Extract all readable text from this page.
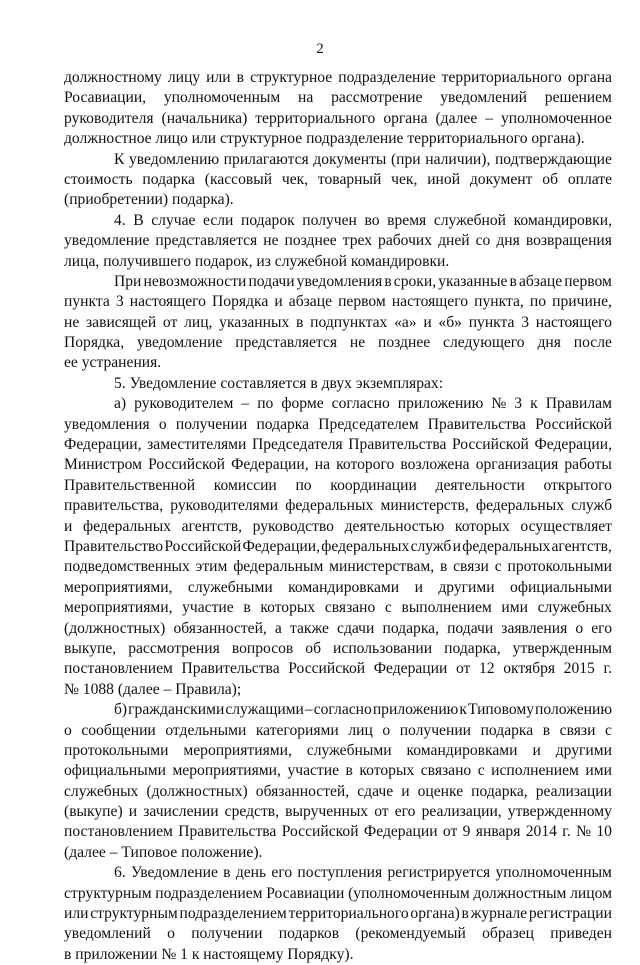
2
должностному лицу или в структурное подразделение территориального органа
Росавиации, уполномоченным на рассмотрение уведомлений решением
руководителя (начальника) территориального органа (далее – уполномоченное
должностное лицо или структурное подразделение территориального органа).
К уведомлению прилагаются документы (при наличии), подтверждающие
стоимость подарка (кассовый чек, товарный чек, иной документ об оплате
(приобретении) подарка).
4. В случае если подарок получен во время служебной командировки,
уведомление представляется не позднее трех рабочих дней со дня возвращения
лица, получившего подарок, из служебной командировки.
При невозможности подачи уведомления в сроки, указанные в абзаце первом
пункта 3 настоящего Порядка и абзаце первом настоящего пункта, по причине,
не зависящей от лиц, указанных в подпунктах «а» и «б» пункта 3 настоящего
Порядка, уведомление представляется не позднее следующего дня после
ее устранения.
5. Уведомление составляется в двух экземплярах:
а) руководителем – по форме согласно приложению № 3 к Правилам
уведомления о получении подарка Председателем Правительства Российской
Федерации, заместителями Председателя Правительства Российской Федерации,
Министром Российской Федерации, на которого возложена организация работы
Правительственной комиссии по координации деятельности открытого
правительства, руководителями федеральных министерств, федеральных служб
и федеральных агентств, руководство деятельностью которых осуществляет
Правительство Российской Федерации, федеральных служб и федеральных агентств,
подведомственных этим федеральным министерствам, в связи с протокольными
мероприятиями, служебными командировками и другими официальными
мероприятиями, участие в которых связано с выполнением ими служебных
(должностных) обязанностей, а также сдачи подарка, подачи заявления о его
выкупе, рассмотрения вопросов об использовании подарка, утвержденным
постановлением Правительства Российской Федерации от 12 октября 2015 г.
№ 1088 (далее – Правила);
б) гражданскими служащими – согласно приложению к Типовому положению
о сообщении отдельными категориями лиц о получении подарка в связи с
протокольными мероприятиями, служебными командировками и другими
официальными мероприятиями, участие в которых связано с исполнением ими
служебных (должностных) обязанностей, сдаче и оценке подарка, реализации
(выкупе) и зачислении средств, вырученных от его реализации, утвержденному
постановлением Правительства Российской Федерации от 9 января 2014 г. № 10
(далее – Типовое положение).
6. Уведомление в день его поступления регистрируется уполномоченным
структурным подразделением Росавиации (уполномоченным должностным лицом
или структурным подразделением территориального органа) в журнале регистрации
уведомлений о получении подарков (рекомендуемый образец приведен
в приложении № 1 к настоящему Порядку).
